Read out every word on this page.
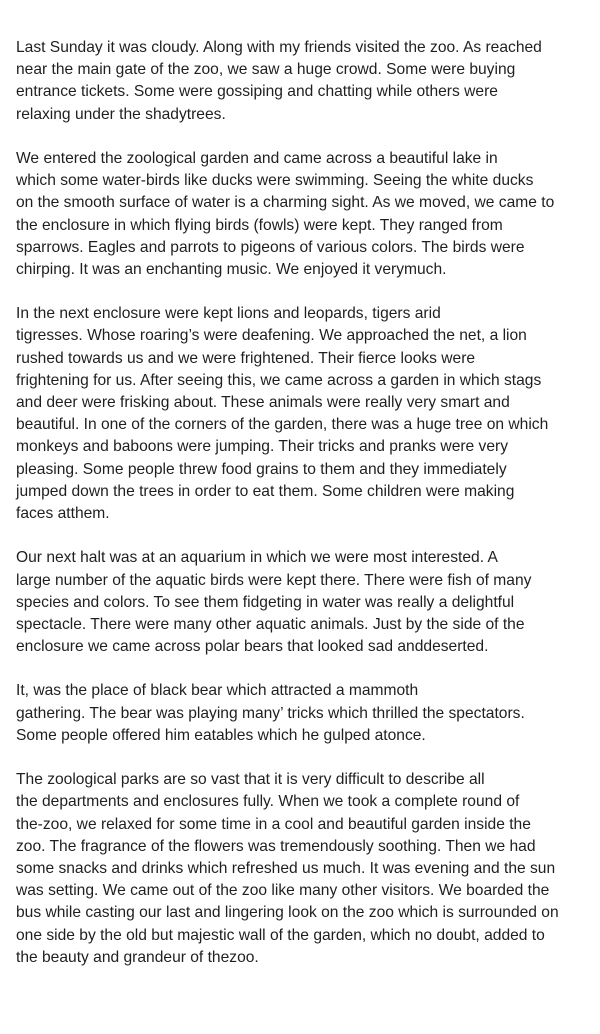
Last Sunday it was cloudy. Along with my friends visited the zoo. As reached
near the main gate of the zoo, we saw a huge crowd. Some were buying
entrance tickets. Some were gossiping and chatting while others were
relaxing under the shadytrees.
We entered the zoological garden and came across a beautiful lake in
which some water-birds like ducks were swimming. Seeing the white ducks
on the smooth surface of water is a charming sight. As we moved, we came to
the enclosure in which flying birds (fowls) were kept. They ranged from
sparrows. Eagles and parrots to pigeons of various colors. The birds were
chirping. It was an enchanting music. We enjoyed it verymuch.
In the next enclosure were kept lions and leopards, tigers arid
tigresses. Whose roaring’s were deafening. We approached the net, a lion
rushed towards us and we were frightened. Their fierce looks were
frightening for us. After seeing this, we came across a garden in which stags
and deer were frisking about. These animals were really very smart and
beautiful. In one of the corners of the garden, there was a huge tree on which
monkeys and baboons were jumping. Their tricks and pranks were very
pleasing. Some people threw food grains to them and they immediately
jumped down the trees in order to eat them. Some children were making
faces atthem.
Our next halt was at an aquarium in which we were most interested. A
large number of the aquatic birds were kept there. There were fish of many
species and colors. To see them fidgeting in water was really a delightful
spectacle. There were many other aquatic animals. Just by the side of the
enclosure we came across polar bears that looked sad anddeserted.
It, was the place of black bear which attracted a mammoth
gathering. The bear was playing many’ tricks which thrilled the spectators.
Some people offered him eatables which he gulped atonce.
The zoological parks are so vast that it is very difficult to describe all
the departments and enclosures fully. When we took a complete round of
the-zoo, we relaxed for some time in a cool and beautiful garden inside the
zoo. The fragrance of the flowers was tremendously soothing. Then we had
some snacks and drinks which refreshed us much. It was evening and the sun
was setting. We came out of the zoo like many other visitors. We boarded the
bus while casting our last and lingering look on the zoo which is surrounded on
one side by the old but majestic wall of the garden, which no doubt, added to
the beauty and grandeur of thezoo.
